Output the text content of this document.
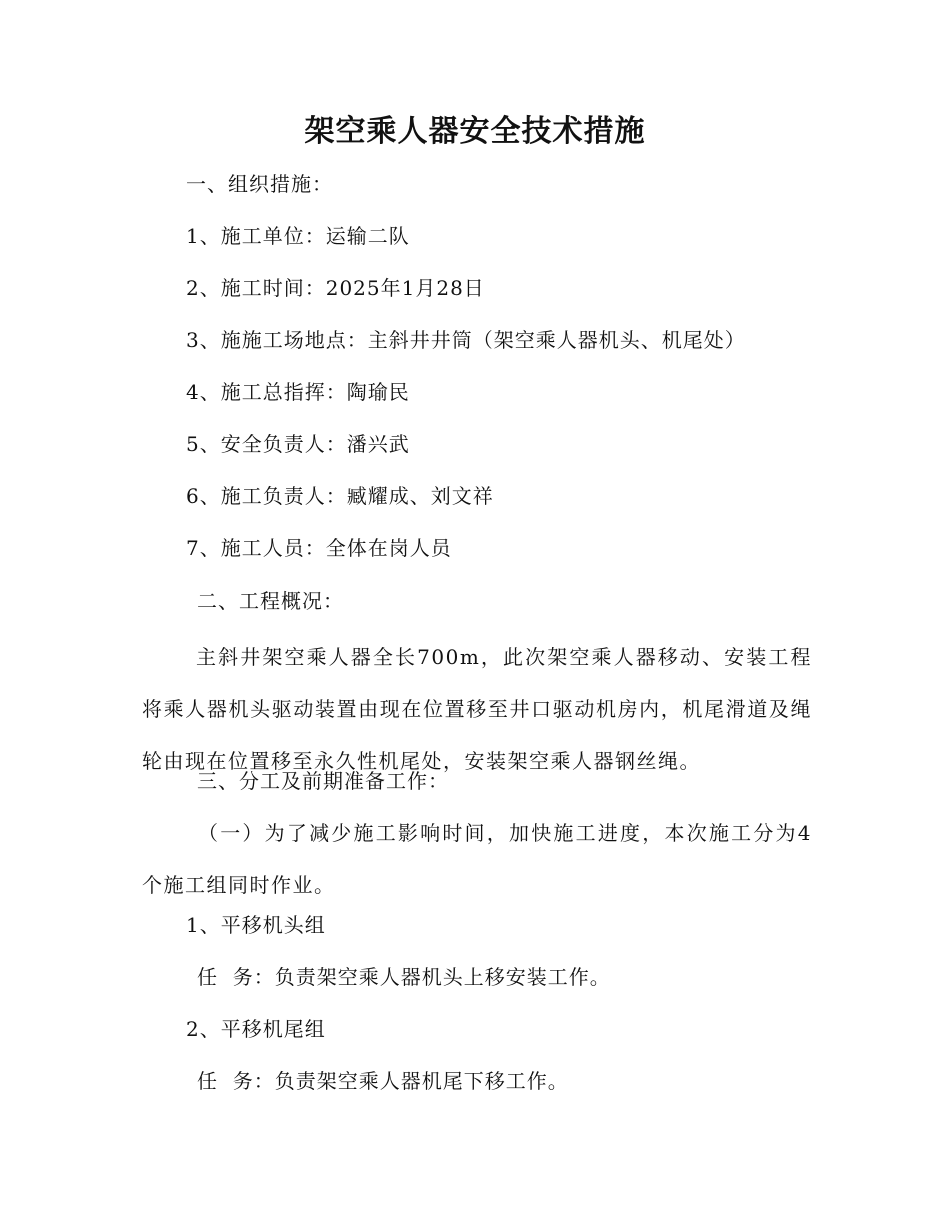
架空乘人器安全技术措施
一、组织措施：
1、施工单位：运输二队
2、施工时间：2025年1月28日
3、施施工场地点：主斜井井筒（架空乘人器机头、机尾处）
4、施工总指挥：陶瑜民
5、安全负责人：潘兴武
6、施工负责人：臧耀成、刘文祥
7、施工人员：全体在岗人员
二、工程概况：
主斜井架空乘人器全长700m，此次架空乘人器移动、安装工程将乘人器机头驱动装置由现在位置移至井口驱动机房内，机尾滑道及绳轮由现在位置移至永久性机尾处，安装架空乘人器钢丝绳。
三、分工及前期准备工作：
（一）为了减少施工影响时间，加快施工进度，本次施工分为4个施工组同时作业。
1、平移机头组
任  务：负责架空乘人器机头上移安装工作。
2、平移机尾组
任  务：负责架空乘人器机尾下移工作。
